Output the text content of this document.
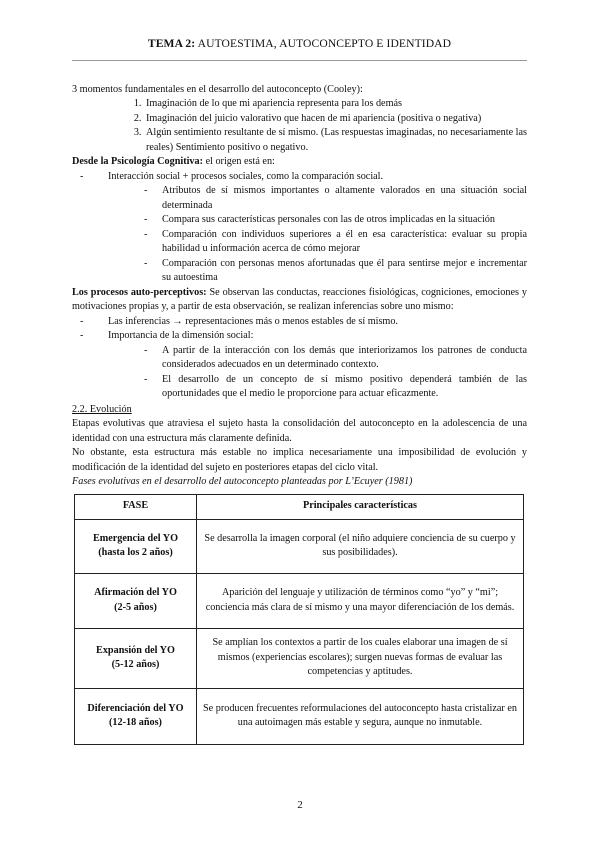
TEMA 2: AUTOESTIMA, AUTOCONCEPTO E IDENTIDAD

3 momentos fundamentales en el desarrollo del autoconcepto (Cooley):

1. Imaginación de lo que mi apariencia representa para los demás
2. Imaginación del juicio valorativo que hacen de mi apariencia (positiva o negativa)
3. Algún sentimiento resultante de sí mismo. (Las respuestas imaginadas, no necesariamente las reales) Sentimiento positivo o negativo.

Desde la Psicología Cognitiva: el origen está en:

- Interacción social + procesos sociales, como la comparación social.
- Atributos de sí mismos importantes o altamente valorados en una situación social determinada
- Compara sus características personales con las de otros implicadas en la situación
- Comparación con individuos superiores a él en esa característica: evaluar su propia habilidad u información acerca de cómo mejorar
- Comparación con personas menos afortunadas que él para sentirse mejor e incrementar su autoestima

Los procesos auto-perceptivos: Se observan las conductas, reacciones fisiológicas, cogniciones, emociones y motivaciones propias y, a partir de esta observación, se realizan inferencias sobre uno mismo:

- Las inferencias → representaciones más o menos estables de sí mismo.
- Importancia de la dimensión social:
- A partir de la interacción con los demás que interiorizamos los patrones de conducta considerados adecuados en un determinado contexto.
- El desarrollo de un concepto de sí mismo positivo dependerá también de las oportunidades que el medio le proporcione para actuar eficazmente.

2.2. Evolución

Etapas evolutivas que atraviesa el sujeto hasta la consolidación del autoconcepto en la adolescencia de una identidad con una estructura más claramente definida.

No obstante, esta estructura más estable no implica necesariamente una imposibilidad de evolución y modificación de la identidad del sujeto en posteriores etapas del ciclo vital.

Fases evolutivas en el desarrollo del autoconcepto planteadas por L’Ecuyer (1981)

FASE	Principales características
Emergencia del YO
(hasta los 2 años)	Se desarrolla la imagen corporal (el niño adquiere conciencia de su cuerpo y sus posibilidades).
Afirmación del YO
(2-5 años)	Aparición del lenguaje y utilización de términos como “yo” y “mi”; conciencia más clara de sí mismo y una mayor diferenciación de los demás.
Expansión del YO
(5-12 años)	Se amplían los contextos a partir de los cuales elaborar una imagen de sí mismos (experiencias escolares); surgen nuevas formas de evaluar las competencias y aptitudes.
Diferenciación del YO
(12-18 años)	Se producen frecuentes reformulaciones del autoconcepto hasta cristalizar en una autoimagen más estable y segura, aunque no inmutable.
2
